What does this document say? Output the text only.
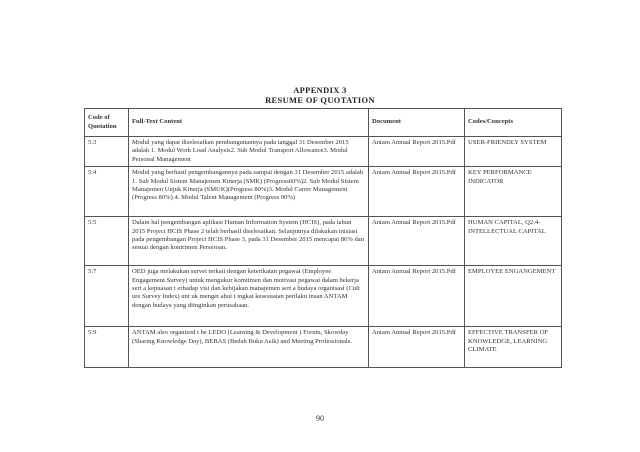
APPENDIX 3
RESUME OF QUOTATION
Code of Quotation	Full-Text Content	Document	Codes/Concepts
5:3	Modul yang dapat diselesaikan pembangunannya pada tanggal 31 Desember 2015 adalah 1. Modul Work Load Analysis2. Sub Modul Transport Allowance3. Modul Personal Management	Antam Annual Report 2015.Pdf	USER-FRIENDLY SYSTEM
5:4	Modul yang berhasil pengembangannya pada sampai dengan 31 Desember 2015 adalah 1. Sub Modul Sistem Manajemen Kinerja (SMK) (Progress60%)2. Sub Modul Sistem Manajemen Unjuk Kinerja (SMUK)(Progress 80%)3. Modul Carrer Management (Progress 80%).4. Modul Talent Management (Progress 90%)	Antam Annual Report 2015.Pdf	KEY PERFORMANCE INDICATOR
5:5	Dalam hal pengembangan aplikasi Human Information System (HCIS), pada tahun 2015 Project HCIS Phase 2 telah berhasil diselesaikan. Selanjutnya dilakukan inisiasi pada pengembangan Project HCIS Phase 3, pada 31 Desember 2015 mencapai 86% dan sesuai dengan kontrimen Perseroan.	Antam Annual Report 2015.Pdf	HUMAN CAPITAL, Q2.4-INTELLECTUAL CAPITAL
5:7	OED juga melakukan survei terkait dengan keterikatan pegawai (Employee Engagement Survey) untuk mengukur komitmen dan motivasi pegawai dalam bekerja sert a kepuasan t erhadap visi dan kebijakan manajemen sert a budaya organisasi (Cult ure Survey Index) unt uk menget ahui t ingkat kesesuaian perilaku insan ANTAM dengan budaya yang diinginkan perusahaan.	Antam Annual Report 2015.Pdf	EMPLOYEE ENGANGEMENT
5:9	ANTAM also organized t he LEDO (Learning & Development ) Forum, Skowday (Sharing Knowledge Day), BEBAS (Bedah Buku Asik) and Meeting Professionals.	Antam Annual Report 2015.Pdf	EFFECTIVE TRANSFER OF KNOWLEDGE, LEARNING CLIMATE
90
